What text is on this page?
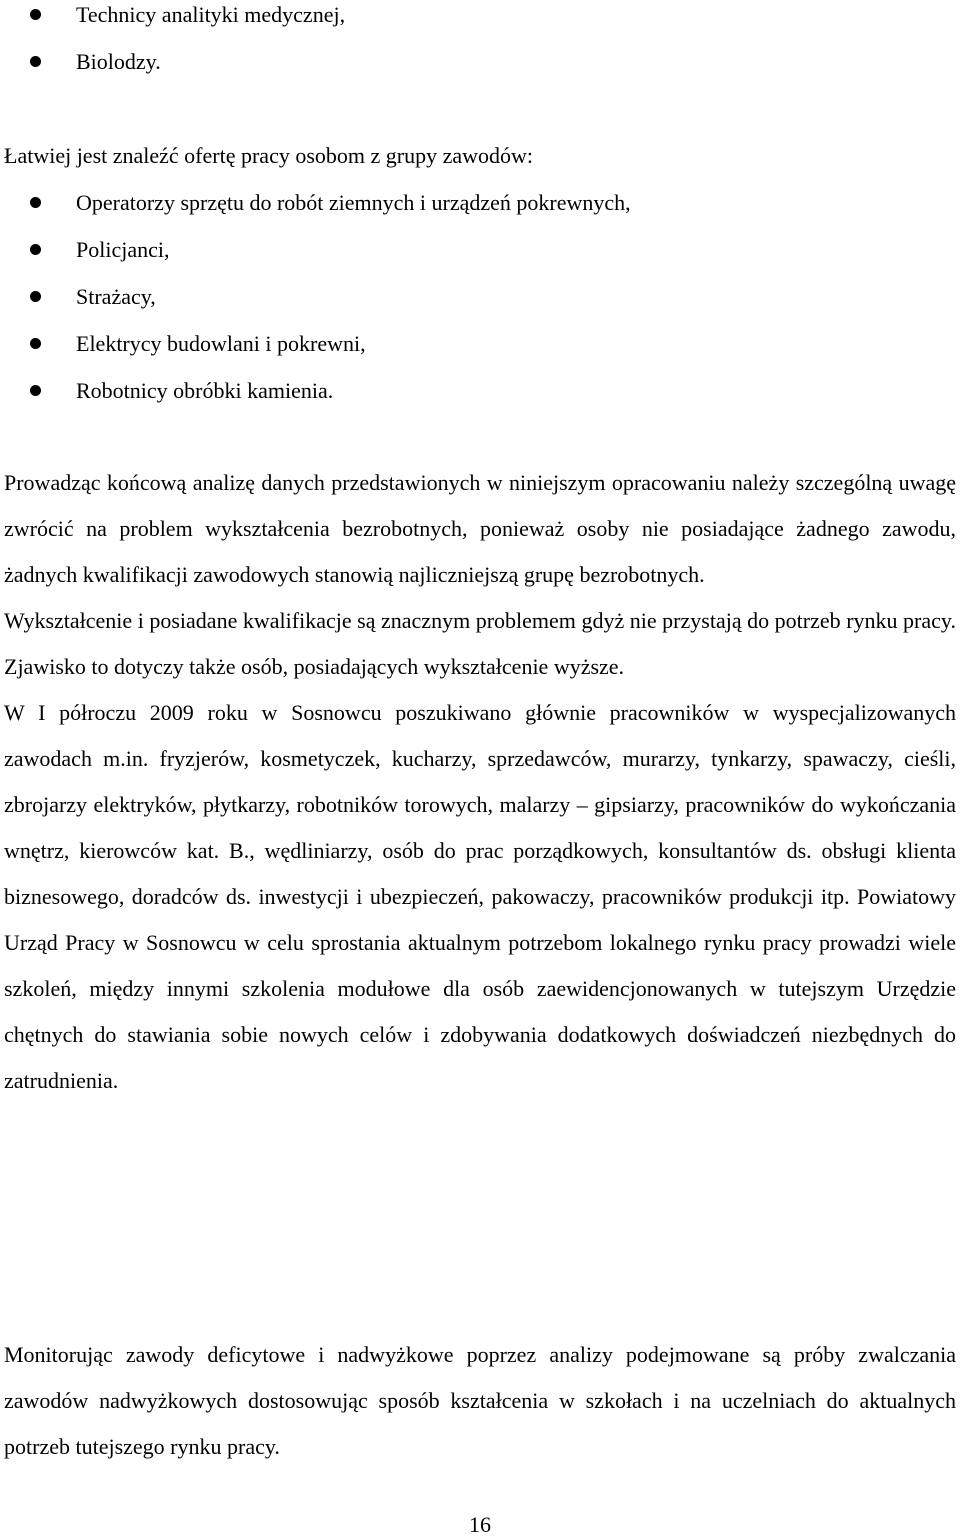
Technicy analityki medycznej,
Biolodzy.
Łatwiej jest znaleźć ofertę pracy osobom z grupy zawodów:
Operatorzy sprzętu do robót ziemnych i urządzeń pokrewnych,
Policjanci,
Strażacy,
Elektrycy budowlani i pokrewni,
Robotnicy obróbki kamienia.
Prowadząc końcową analizę danych przedstawionych w niniejszym opracowaniu należy szczególną uwagę zwrócić na problem wykształcenia bezrobotnych, ponieważ osoby nie posiadające żadnego zawodu, żadnych kwalifikacji zawodowych stanowią najliczniejszą grupę bezrobotnych.
Wykształcenie i posiadane kwalifikacje są znacznym problemem gdyż nie przystają do potrzeb rynku pracy. Zjawisko to dotyczy także osób, posiadających wykształcenie wyższe.
W I półroczu 2009 roku w Sosnowcu poszukiwano głównie pracowników w wyspecjalizowanych zawodach m.in. fryzjerów, kosmetyczek, kucharzy, sprzedawców, murarzy, tynkarzy, spawaczy, cieśli, zbrojarzy elektryków, płytkarzy, robotników torowych, malarzy – gipsiarzy, pracowników do wykończania wnętrz, kierowców kat. B., wędliniarzy, osób do prac porządkowych, konsultantów ds. obsługi klienta biznesowego, doradców ds. inwestycji i ubezpieczeń, pakowaczy, pracowników produkcji itp. Powiatowy Urząd Pracy w Sosnowcu w celu sprostania aktualnym potrzebom lokalnego rynku pracy prowadzi wiele szkoleń, między innymi szkolenia modułowe dla osób zaewidencjonowanych w tutejszym Urzędzie chętnych do stawiania sobie nowych celów i zdobywania dodatkowych doświadczeń niezbędnych do zatrudnienia.
Monitorując zawody deficytowe i nadwyżkowe poprzez analizy podejmowane są próby zwalczania zawodów nadwyżkowych dostosowując sposób kształcenia w szkołach i na uczelniach do aktualnych potrzeb tutejszego rynku pracy.
16
